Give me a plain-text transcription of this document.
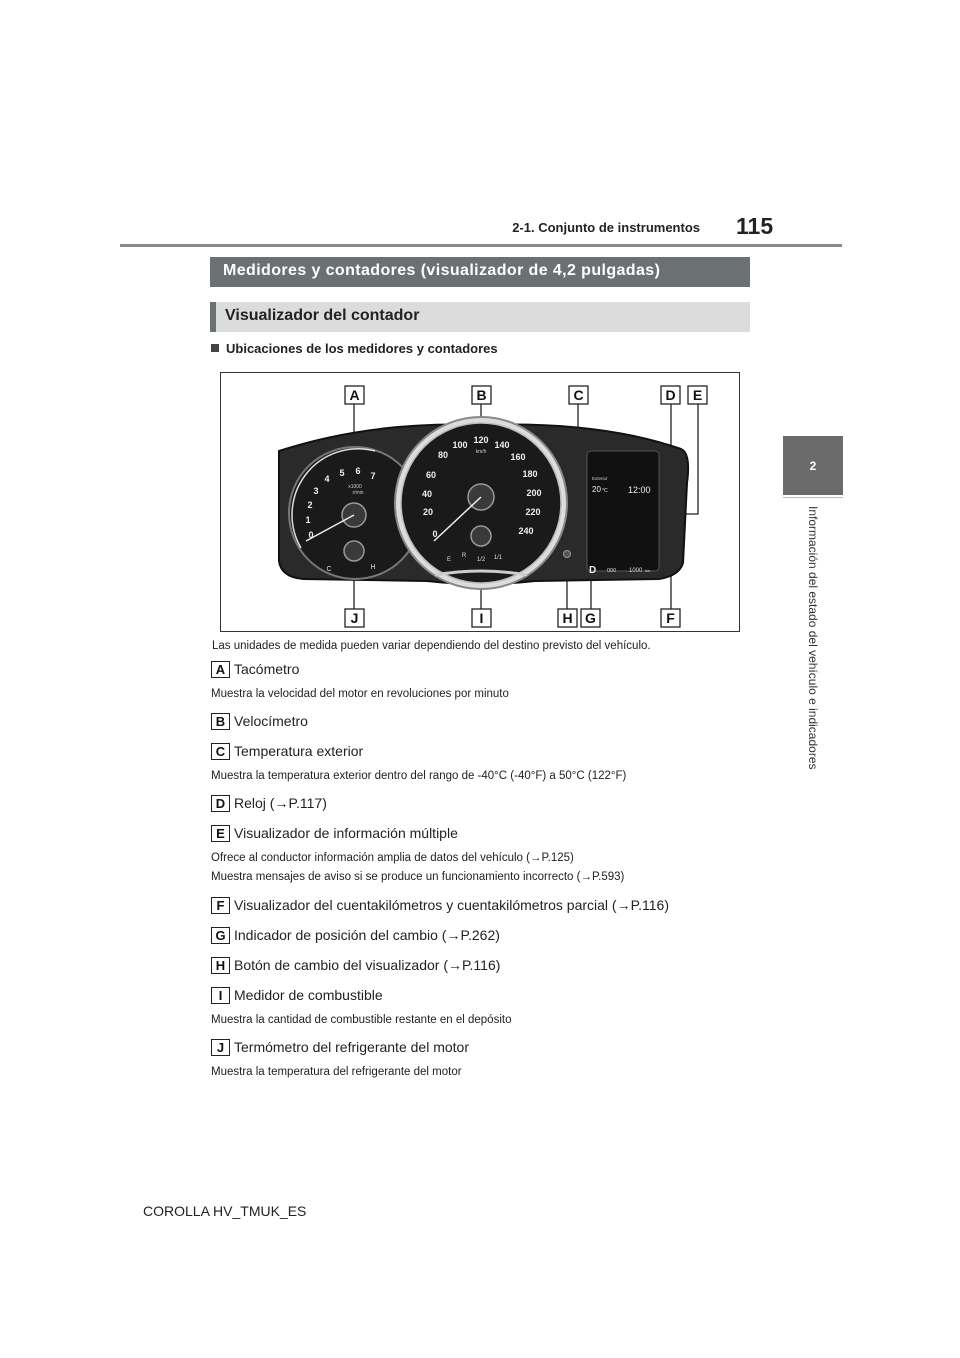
2-1. Conjunto de instrumentos 115
2
Información del estado del vehículo e indicadores
Medidores y contadores (visualizador de 4,2 pulgadas)
Visualizador del contador
Ubicaciones de los medidores y contadores
A	B	C	D E
J	I	H G	F
0
1
2
3
4
5 6 7
x1000
r/min
C	H
0
20
40
60
80
100 120 140
160
180
200
220
240
km/h
E
R
1/2 1/1
Exterior
20 °C 12:00
D 000 1000 km
Las unidades de medida pueden variar dependiendo del destino previsto del vehículo.
A Tacómetro
Muestra la velocidad del motor en revoluciones por minuto
B Velocímetro
C Temperatura exterior
Muestra la temperatura exterior dentro del rango de -40°C (-40°F) a 50°C (122°F)
D Reloj (→P.117)
E Visualizador de información múltiple
Ofrece al conductor información amplia de datos del vehículo (→P.125)
Muestra mensajes de aviso si se produce un funcionamiento incorrecto (→P.593)
F Visualizador del cuentakilómetros y cuentakilómetros parcial (→P.116)
G Indicador de posición del cambio (→P.262)
H Botón de cambio del visualizador (→P.116)
I Medidor de combustible
Muestra la cantidad de combustible restante en el depósito
J Termómetro del refrigerante del motor
Muestra la temperatura del refrigerante del motor
COROLLA HV_TMUK_ES
